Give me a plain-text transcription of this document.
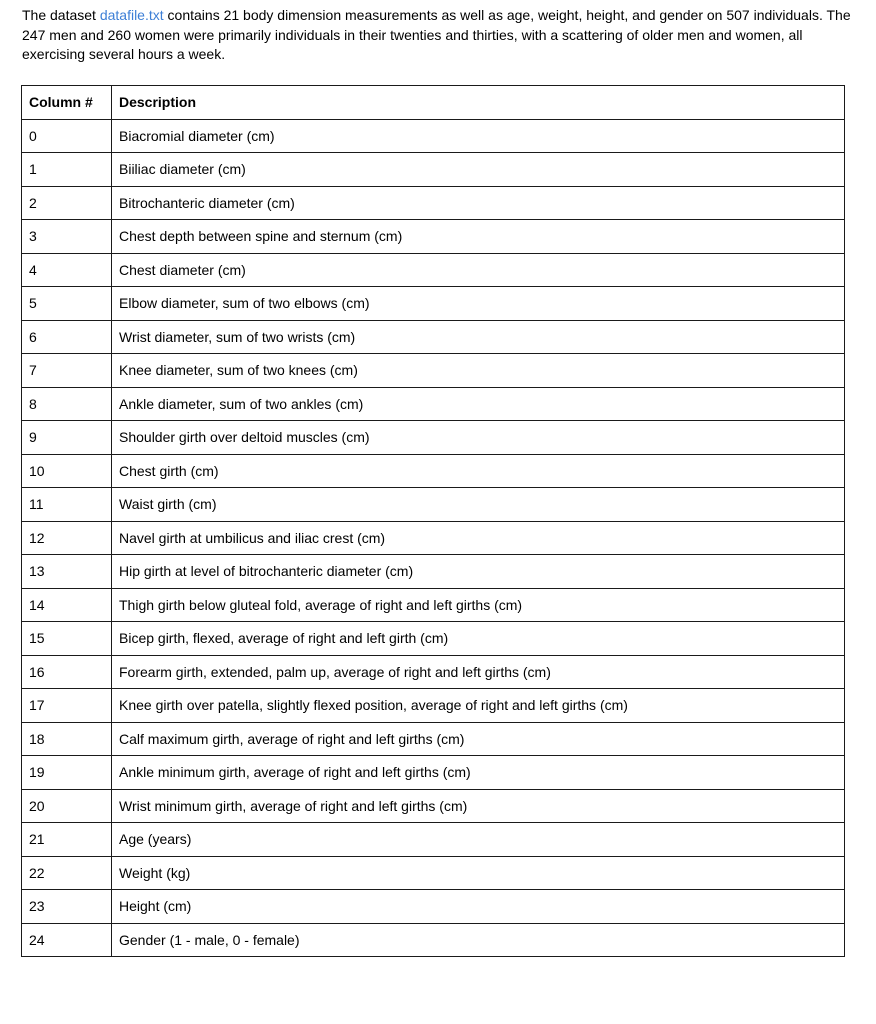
The dataset datafile.txt contains 21 body dimension measurements as well as age, weight, height, and gender on 507 individuals. The 247 men and 260 women were primarily individuals in their twenties and thirties, with a scattering of older men and women, all exercising several hours a week.

Column #	Description
0	Biacromial diameter (cm)
1	Biiliac diameter (cm)
2	Bitrochanteric diameter (cm)
3	Chest depth between spine and sternum (cm)
4	Chest diameter (cm)
5	Elbow diameter, sum of two elbows (cm)
6	Wrist diameter, sum of two wrists (cm)
7	Knee diameter, sum of two knees (cm)
8	Ankle diameter, sum of two ankles (cm)
9	Shoulder girth over deltoid muscles (cm)
10	Chest girth (cm)
11	Waist girth (cm)
12	Navel girth at umbilicus and iliac crest (cm)
13	Hip girth at level of bitrochanteric diameter (cm)
14	Thigh girth below gluteal fold, average of right and left girths (cm)
15	Bicep girth, flexed, average of right and left girth (cm)
16	Forearm girth, extended, palm up, average of right and left girths (cm)
17	Knee girth over patella, slightly flexed position, average of right and left girths (cm)
18	Calf maximum girth, average of right and left girths (cm)
19	Ankle minimum girth, average of right and left girths (cm)
20	Wrist minimum girth, average of right and left girths (cm)
21	Age (years)
22	Weight (kg)
23	Height (cm)
24	Gender (1 - male, 0 - female)
